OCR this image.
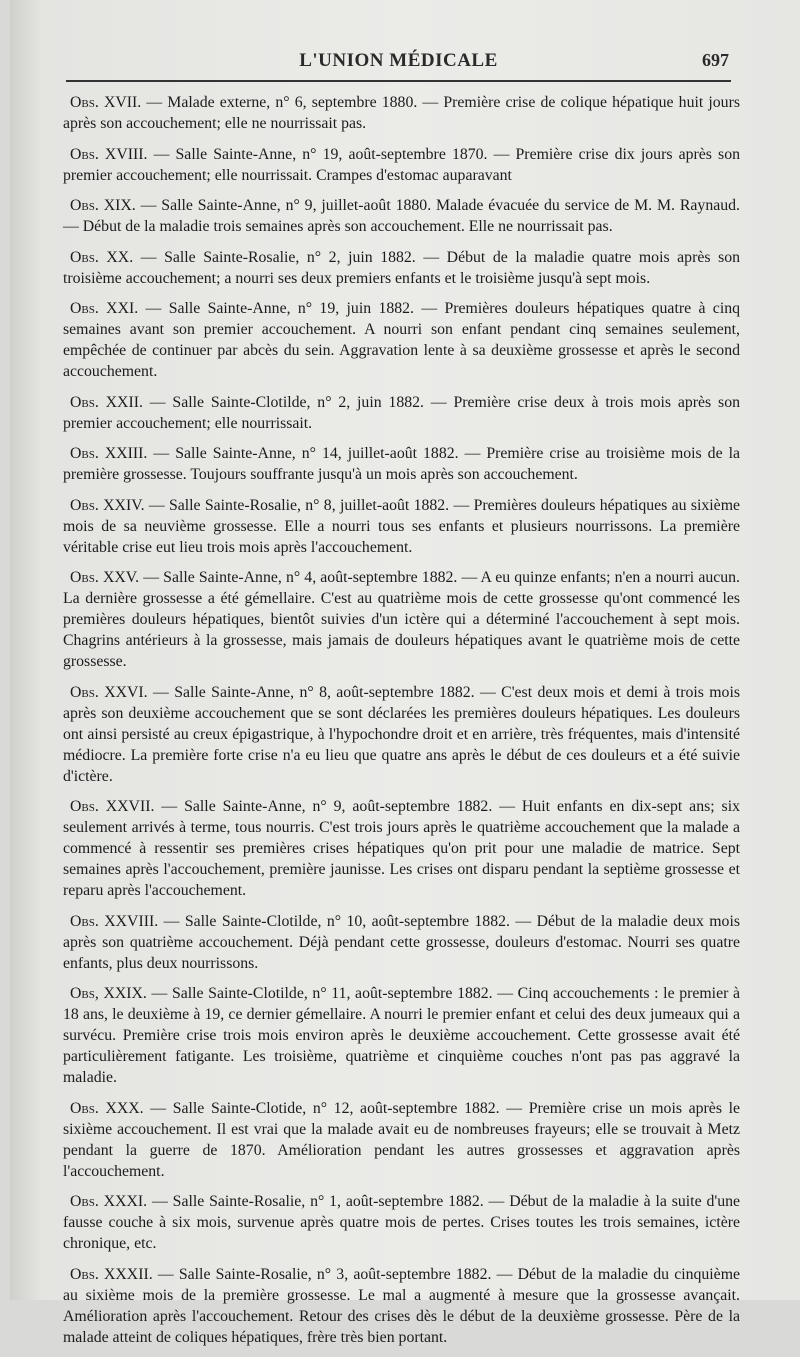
L'UNION MÉDICALE	697

Obs. XVII. — Malade externe, n° 6, septembre 1880. — Première crise de colique hépatique huit jours après son accouchement; elle ne nourrissait pas.

Obs. XVIII. — Salle Sainte-Anne, n° 19, août-septembre 1870. — Première crise dix jours après son premier accouchement; elle nourrissait. Crampes d'estomac auparavant

Obs. XIX. — Salle Sainte-Anne, n° 9, juillet-août 1880. Malade évacuée du service de M. M. Raynaud. — Début de la maladie trois semaines après son accouchement. Elle ne nourrissait pas.

Obs. XX. — Salle Sainte-Rosalie, n° 2, juin 1882. — Début de la maladie quatre mois après son troisième accouchement; a nourri ses deux premiers enfants et le troisième jusqu'à sept mois.

Obs. XXI. — Salle Sainte-Anne, n° 19, juin 1882. — Premières douleurs hépatiques quatre à cinq semaines avant son premier accouchement. A nourri son enfant pendant cinq semaines seulement, empêchée de continuer par abcès du sein. Aggravation lente à sa deuxième grossesse et après le second accouchement.

Obs. XXII. — Salle Sainte-Clotilde, n° 2, juin 1882. — Première crise deux à trois mois après son premier accouchement; elle nourrissait.

Obs. XXIII. — Salle Sainte-Anne, n° 14, juillet-août 1882. — Première crise au troisième mois de la première grossesse. Toujours souffrante jusqu'à un mois après son accouchement.

Obs. XXIV. — Salle Sainte-Rosalie, n° 8, juillet-août 1882. — Premières douleurs hépatiques au sixième mois de sa neuvième grossesse. Elle a nourri tous ses enfants et plusieurs nourrissons. La première véritable crise eut lieu trois mois après l'accouchement.

Obs. XXV. — Salle Sainte-Anne, n° 4, août-septembre 1882. — A eu quinze enfants; n'en a nourri aucun. La dernière grossesse a été gémellaire. C'est au quatrième mois de cette grossesse qu'ont commencé les premières douleurs hépatiques, bientôt suivies d'un ictère qui a déterminé l'accouchement à sept mois. Chagrins antérieurs à la grossesse, mais jamais de douleurs hépatiques avant le quatrième mois de cette grossesse.

Obs. XXVI. — Salle Sainte-Anne, n° 8, août-septembre 1882. — C'est deux mois et demi à trois mois après son deuxième accouchement que se sont déclarées les premières douleurs hépatiques. Les douleurs ont ainsi persisté au creux épigastrique, à l'hypochondre droit et en arrière, très fréquentes, mais d'intensité médiocre. La première forte crise n'a eu lieu que quatre ans après le début de ces douleurs et a été suivie d'ictère.

Obs. XXVII. — Salle Sainte-Anne, n° 9, août-septembre 1882. — Huit enfants en dix-sept ans; six seulement arrivés à terme, tous nourris. C'est trois jours après le quatrième accouchement que la malade a commencé à ressentir ses premières crises hépatiques qu'on prit pour une maladie de matrice. Sept semaines après l'accouchement, première jaunisse. Les crises ont disparu pendant la septième grossesse et reparu après l'accouchement.

Obs. XXVIII. — Salle Sainte-Clotilde, n° 10, août-septembre 1882. — Début de la maladie deux mois après son quatrième accouchement. Déjà pendant cette grossesse, douleurs d'estomac. Nourri ses quatre enfants, plus deux nourrissons.

Obs, XXIX. — Salle Sainte-Clotilde, n° 11, août-septembre 1882. — Cinq accouchements : le premier à 18 ans, le deuxième à 19, ce dernier gémellaire. A nourri le premier enfant et celui des deux jumeaux qui a survécu. Première crise trois mois environ après le deuxième accouchement. Cette grossesse avait été particulièrement fatigante. Les troisième, quatrième et cinquième couches n'ont pas pas aggravé la maladie.

Obs. XXX. — Salle Sainte-Clotide, n° 12, août-septembre 1882. — Première crise un mois après le sixième accouchement. Il est vrai que la malade avait eu de nombreuses frayeurs; elle se trouvait à Metz pendant la guerre de 1870. Amélioration pendant les autres grossesses et aggravation après l'accouchement.

Obs. XXXI. — Salle Sainte-Rosalie, n° 1, août-septembre 1882. — Début de la maladie à la suite d'une fausse couche à six mois, survenue après quatre mois de pertes. Crises toutes les trois semaines, ictère chronique, etc.

Obs. XXXII. — Salle Sainte-Rosalie, n° 3, août-septembre 1882. — Début de la maladie du cinquième au sixième mois de la première grossesse. Le mal a augmenté à mesure que la grossesse avançait. Amélioration après l'accouchement. Retour des crises dès le début de la deuxième grossesse. Père de la malade atteint de coliques hépatiques, frère très bien portant.
